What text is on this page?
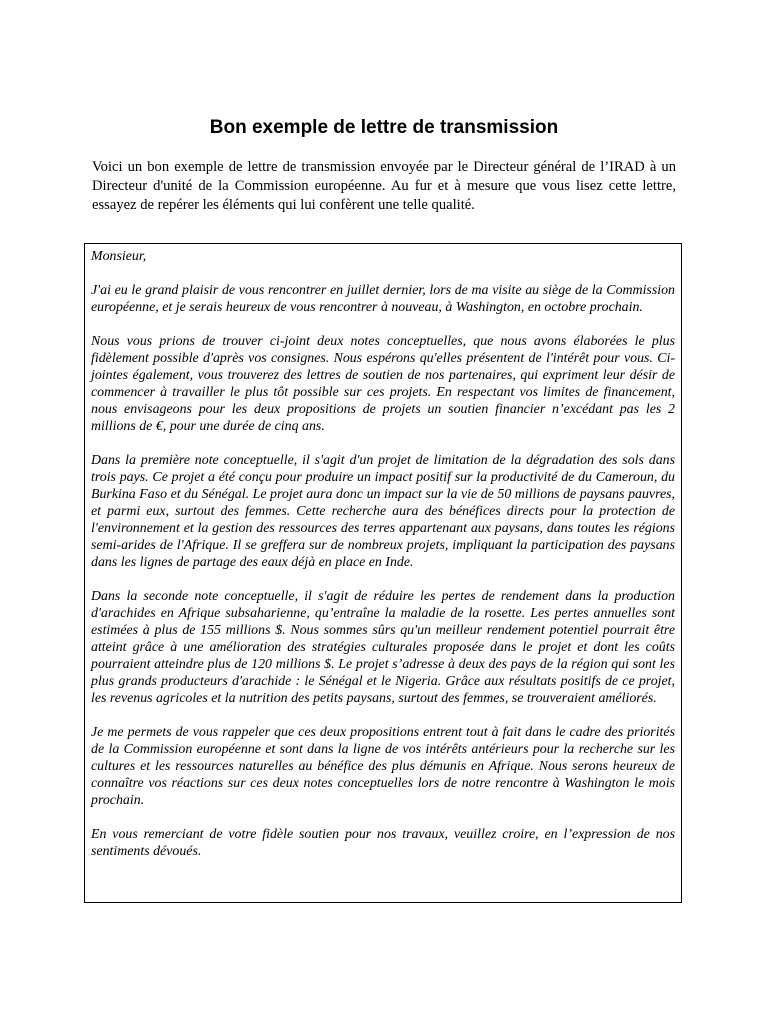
Bon exemple de lettre de transmission

Voici un bon exemple de lettre de transmission envoyée par le Directeur général de l’IRAD à un Directeur d'unité de la Commission européenne. Au fur et à mesure que vous lisez cette lettre, essayez de repérer les éléments qui lui confèrent une telle qualité.

Monsieur,

J'ai eu le grand plaisir de vous rencontrer en juillet dernier, lors de ma visite au siège de la Commission européenne, et je serais heureux de vous rencontrer à nouveau, à Washington, en octobre prochain.

Nous vous prions de trouver ci-joint deux notes conceptuelles, que nous avons élaborées le plus fidèlement possible d'après vos consignes. Nous espérons qu'elles présentent de l'intérêt pour vous. Ci-jointes également, vous trouverez des lettres de soutien de nos partenaires, qui expriment leur désir de commencer à travailler le plus tôt possible sur ces projets. En respectant vos limites de financement, nous envisageons pour les deux propositions de projets un soutien financier n’excédant pas les 2 millions de €, pour une durée de cinq ans.

Dans la première note conceptuelle, il s'agit d'un projet de limitation de la dégradation des sols dans trois pays. Ce projet a été conçu pour produire un impact positif sur la productivité de du Cameroun, du Burkina Faso et du Sénégal. Le projet aura donc un impact sur la vie de 50 millions de paysans pauvres, et parmi eux, surtout des femmes. Cette recherche aura des bénéfices directs pour la protection de l'environnement et la gestion des ressources des terres appartenant aux paysans, dans toutes les régions semi-arides de l'Afrique. Il se greffera sur de nombreux projets, impliquant la participation des paysans dans les lignes de partage des eaux déjà en place en Inde.

Dans la seconde note conceptuelle, il s'agit de réduire les pertes de rendement dans la production d'arachides en Afrique subsaharienne, qu’entraîne la maladie de la rosette. Les pertes annuelles sont estimées à plus de 155 millions $. Nous sommes sûrs qu'un meilleur rendement potentiel pourrait être atteint grâce à une amélioration des stratégies culturales proposée dans le projet et dont les coûts pourraient atteindre plus de 120 millions $. Le projet s’adresse à deux des pays de la région qui sont les plus grands producteurs d'arachide : le Sénégal et le Nigeria. Grâce aux résultats positifs de ce projet, les revenus agricoles et la nutrition des petits paysans, surtout des femmes, se trouveraient améliorés.

Je me permets de vous rappeler que ces deux propositions entrent tout à fait dans le cadre des priorités de la Commission européenne et sont dans la ligne de vos intérêts antérieurs pour la recherche sur les cultures et les ressources naturelles au bénéfice des plus démunis en Afrique. Nous serons heureux de connaître vos réactions sur ces deux notes conceptuelles lors de notre rencontre à Washington le mois prochain.

En vous remerciant de votre fidèle soutien pour nos travaux, veuillez croire, en l’expression de nos sentiments dévoués.
